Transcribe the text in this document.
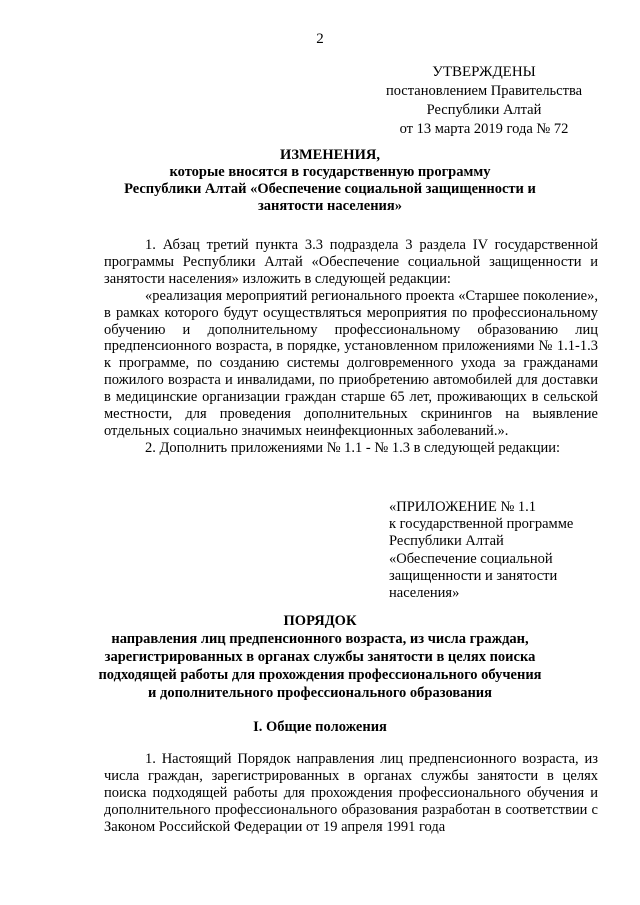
2
УТВЕРЖДЕНЫ
постановлением Правительства
Республики Алтай
от 13 марта 2019 года № 72
ИЗМЕНЕНИЯ,
которые вносятся в государственную программу
Республики Алтай «Обеспечение социальной защищенности и
занятости населения»

1. Абзац третий пункта 3.3 подраздела 3 раздела IV государственной программы Республики Алтай «Обеспечение социальной защищенности и занятости населения» изложить в следующей редакции:

«реализация мероприятий регионального проекта «Старшее поколение», в рамках которого будут осуществляться мероприятия по профессиональному обучению и дополнительному профессиональному образованию лиц предпенсионного возраста, в порядке, установленном приложениями № 1.1-1.3 к программе, по созданию системы долговременного ухода за гражданами пожилого возраста и инвалидами, по приобретению автомобилей для доставки в медицинские организации граждан старше 65 лет, проживающих в сельской местности, для проведения дополнительных скринингов на выявление отдельных социально значимых неинфекционных заболеваний.».

2. Дополнить приложениями № 1.1 - № 1.3 в следующей редакции:

«ПРИЛОЖЕНИЕ № 1.1
к государственной программе
Республики Алтай
«Обеспечение социальной
защищенности и занятости
населения»
ПОРЯДОК
направления лиц предпенсионного возраста, из числа граждан,
зарегистрированных в органах службы занятости в целях поиска
подходящей работы для прохождения профессионального обучения
и дополнительного профессионального образования
I. Общие положения

1. Настоящий Порядок направления лиц предпенсионного возраста, из числа граждан, зарегистрированных в органах службы занятости в целях поиска подходящей работы для прохождения профессионального обучения и дополнительного профессионального образования разработан в соответствии с Законом Российской Федерации от 19 апреля 1991 года
